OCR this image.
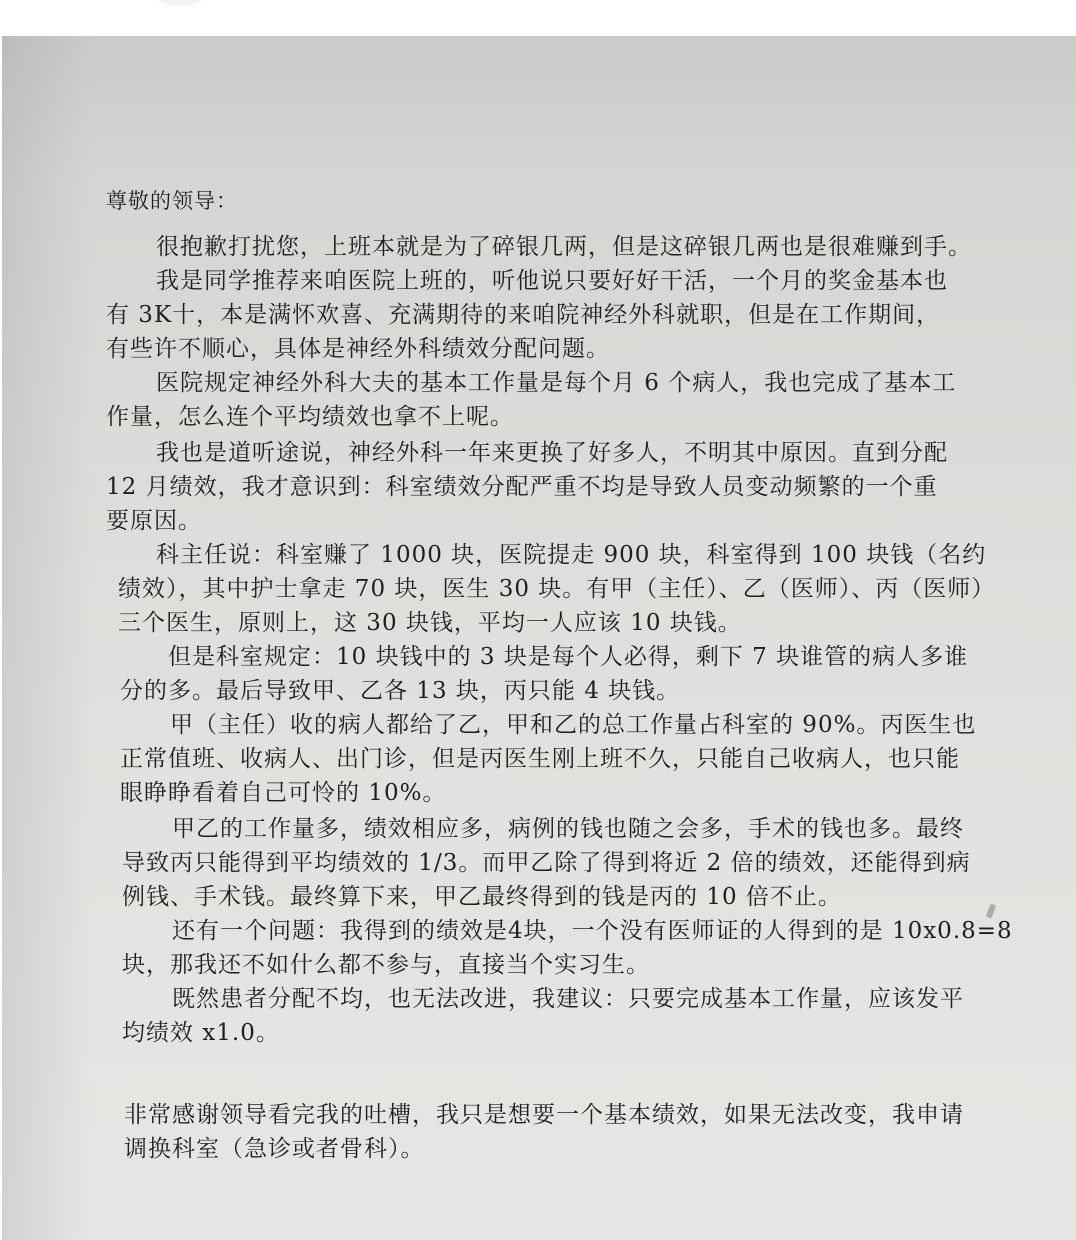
尊敬的领导：
很抱歉打扰您，上班本就是为了碎银几两，但是这碎银几两也是很难赚到手。
我是同学推荐来咱医院上班的，听他说只要好好干活，一个月的奖金基本也
有 3K十，本是满怀欢喜、充满期待的来咱院神经外科就职，但是在工作期间，
有些许不顺心，具体是神经外科绩效分配问题。
医院规定神经外科大夫的基本工作量是每个月 6 个病人，我也完成了基本工
作量，怎么连个平均绩效也拿不上呢。
我也是道听途说，神经外科一年来更换了好多人，不明其中原因。直到分配
12 月绩效，我才意识到：科室绩效分配严重不均是导致人员变动频繁的一个重
要原因。
科主任说：科室赚了 1000 块，医院提走 900 块，科室得到 100 块钱（名约
绩效），其中护士拿走 70 块，医生 30 块。有甲（主任）、乙（医师）、丙（医师）
三个医生，原则上，这 30 块钱，平均一人应该 10 块钱。
但是科室规定：10 块钱中的 3 块是每个人必得，剩下 7 块谁管的病人多谁
分的多。最后导致甲、乙各 13 块，丙只能 4 块钱。
甲（主任）收的病人都给了乙，甲和乙的总工作量占科室的 90%。丙医生也
正常值班、收病人、出门诊，但是丙医生刚上班不久，只能自己收病人，也只能
眼睁睁看着自己可怜的 10%。
甲乙的工作量多，绩效相应多，病例的钱也随之会多，手术的钱也多。最终
导致丙只能得到平均绩效的 1/3。而甲乙除了得到将近 2 倍的绩效，还能得到病
例钱、手术钱。最终算下来，甲乙最终得到的钱是丙的 10 倍不止。
还有一个问题：我得到的绩效是4块，一个没有医师证的人得到的是 10x0.8=8
块，那我还不如什么都不参与，直接当个实习生。
既然患者分配不均，也无法改进，我建议：只要完成基本工作量，应该发平
均绩效 x1.0。
非常感谢领导看完我的吐槽，我只是想要一个基本绩效，如果无法改变，我申请
调换科室（急诊或者骨科）。
